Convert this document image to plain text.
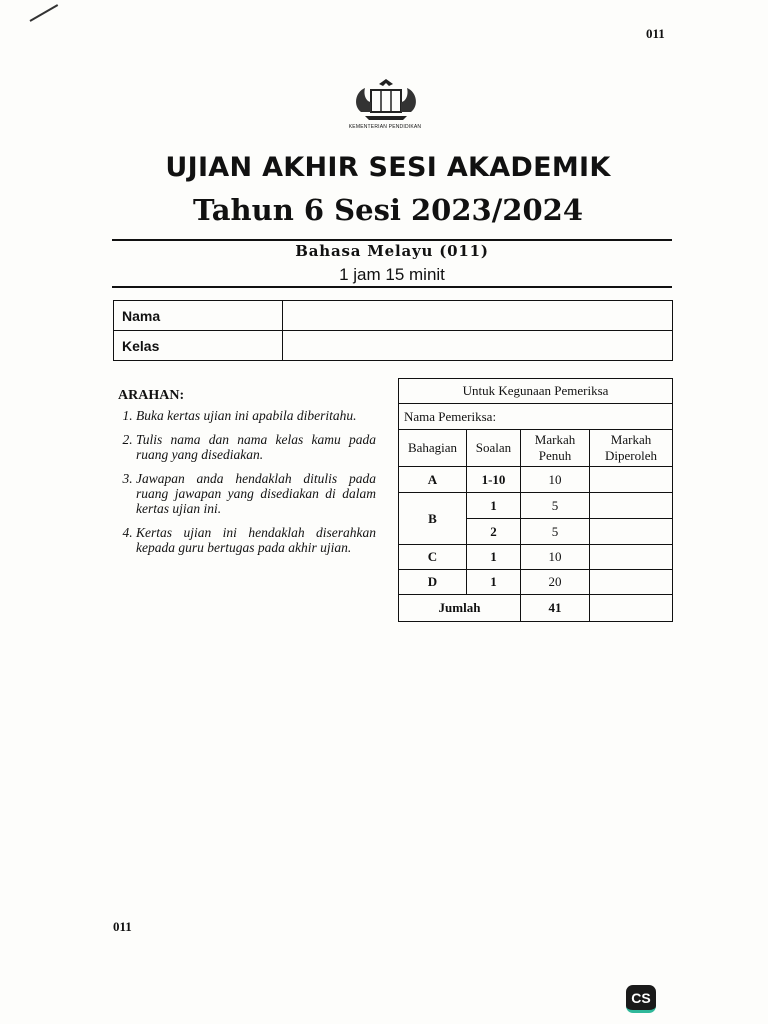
011
KEMENTERIAN PENDIDIKAN
UJIAN AKHIR SESI AKADEMIK
Tahun 6 Sesi 2023/2024
Bahasa Melayu (011)
1 jam 15 minit
Nama	
Kelas	
ARAHAN:
1. Buka kertas ujian ini apabila diberitahu.
2. Tulis nama dan nama kelas kamu pada ruang yang disediakan.
3. Jawapan anda hendaklah ditulis pada ruang jawapan yang disediakan di dalam kertas ujian ini.
4. Kertas ujian ini hendaklah diserahkan kepada guru bertugas pada akhir ujian.
Untuk Kegunaan Pemeriksa			
Nama Pemeriksa:			
Bahagian	Soalan	Markah Penuh	Markah Diperoleh
A	1-10	10	
B	1	5	
	2	5	
C	1	10	
D	1	20	
Jumlah		41	
011
CS
